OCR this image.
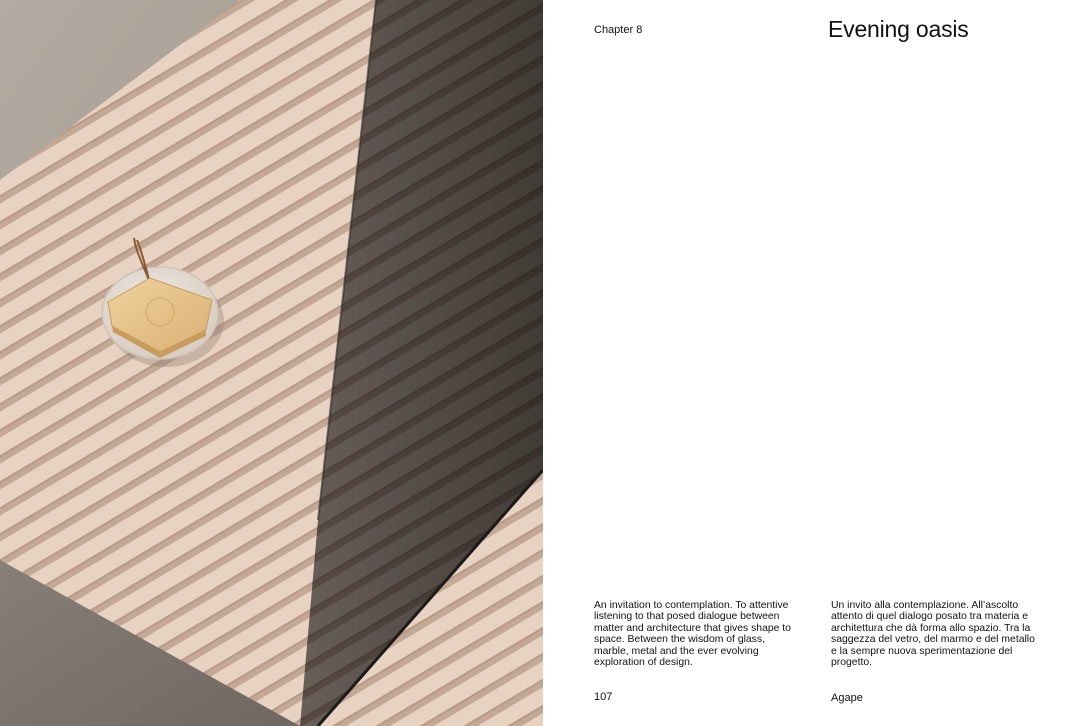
Chapter 8	Evening oasis

An invitation to contemplation. To attentive listening to that posed dialogue between matter and architecture that gives shape to space. Between the wisdom of glass, marble, metal and the ever evolving exploration of design.

Un invito alla contemplazione. All’ascolto attento di quel dialogo posato tra materia e architettura che dà forma allo spazio. Tra la saggezza del vetro, del marmo e del metallo e la sempre nuova sperimentazione del progetto.

107	Agape
